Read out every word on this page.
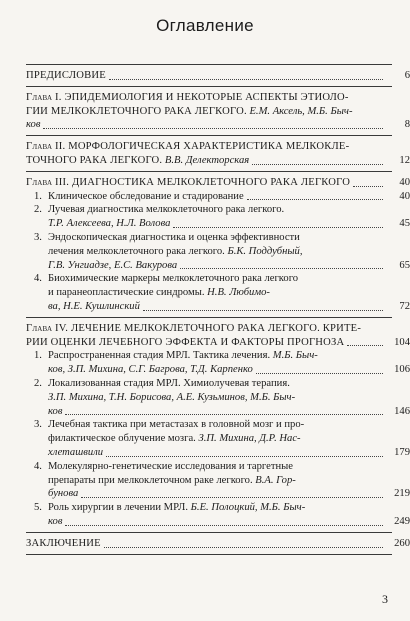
Оглавление
ПРЕДИСЛОВИЕ	6
Глава I. ЭПИДЕМИОЛОГИЯ И НЕКОТОРЫЕ АСПЕКТЫ ЭТИОЛО-
ГИИ МЕЛКОКЛЕТОЧНОГО РАКА ЛЕГКОГО. Е.М. Аксель, М.Б. Быч-
ков	8
Глава II. МОРФОЛОГИЧЕСКАЯ ХАРАКТЕРИСТИКА МЕЛКОКЛЕ-
ТОЧНОГО РАКА ЛЕГКОГО. В.В. Делекторская	12
Глава III. ДИАГНОСТИКА МЕЛКОКЛЕТОЧНОГО РАКА ЛЕГКОГО	40
1. Клиническое обследование и стадирование	40
2. Лучевая диагностика мелкоклеточного рака легкого.
Т.Р. Алексеева, Н.Л. Волова	45
3. Эндоскопическая диагностика и оценка эффективности
лечения мелкоклеточного рака легкого. Б.К. Поддубный,
Г.В. Унгиадзе, Е.С. Вакурова	65
4. Биохимические маркеры мелкоклеточного рака легкого
и паранеопластические синдромы. Н.В. Любимо-
ва, Н.Е. Кушлинский	72
Глава IV. ЛЕЧЕНИЕ МЕЛКОКЛЕТОЧНОГО РАКА ЛЕГКОГО. КРИТЕ-
РИИ ОЦЕНКИ ЛЕЧЕБНОГО ЭФФЕКТА И ФАКТОРЫ ПРОГНОЗА	104
1. Распространенная стадия МРЛ. Тактика лечения. М.Б. Быч-
ков, З.П. Михина, С.Г. Багрова, Т.Д. Карпенко	106
2. Локализованная стадия МРЛ. Химиолучевая терапия.
З.П. Михина, Т.Н. Борисова, А.Е. Кузьминов, М.Б. Быч-
ков	146
3. Лечебная тактика при метастазах в головной мозг и про-
филактическое облучение мозга. З.П. Михина, Д.Р. Нас-
хлеташвили	179
4. Молекулярно-генетические исследования и таргетные
препараты при мелкоклеточном раке легкого. В.А. Гор-
бунова	219
5. Роль хирургии в лечении МРЛ. Б.Е. Полоцкий, М.Б. Быч-
ков	249
ЗАКЛЮЧЕНИЕ	260
3
